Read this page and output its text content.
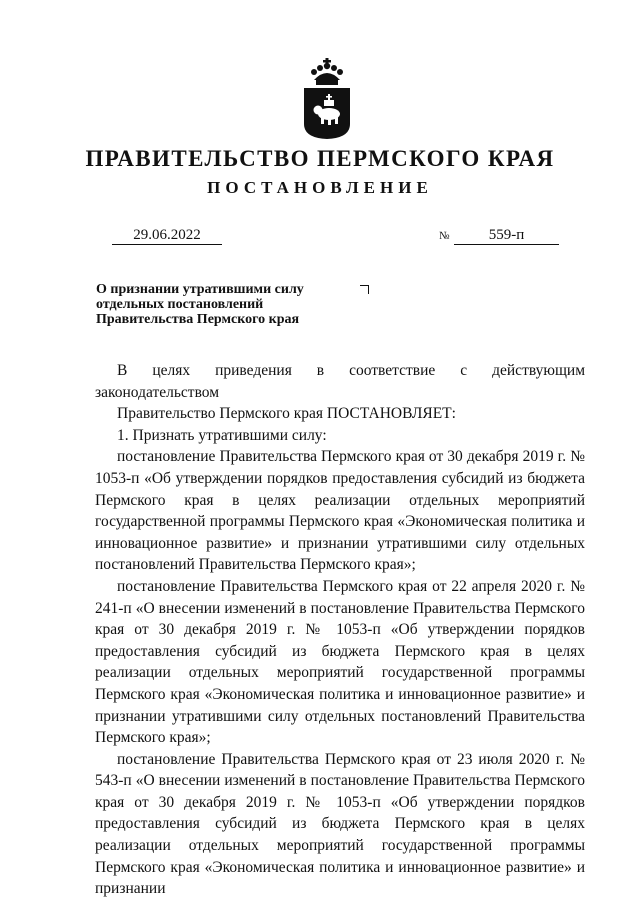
ПРАВИТЕЛЬСТВО ПЕРМСКОГО КРАЯ
ПОСТАНОВЛЕНИЕ
29.06.2022	№	559-п
О признании утратившими силу
отдельных постановлений
Правительства Пермского края

В целях приведения в соответствие с действующим

законодательством

Правительство Пермского края ПОСТАНОВЛЯЕТ:

1. Признать утратившими силу:

постановление Правительства Пермского края от 30 декабря 2019 г. № 1053-п «Об утверждении порядков предоставления субсидий из бюджета Пермского края в целях реализации отдельных мероприятий государственной программы Пермского края «Экономическая политика и инновационное развитие» и признании утратившими силу отдельных постановлений Правительства Пермского края»;

постановление Правительства Пермского края от 22 апреля 2020 г. № 241-п «О внесении изменений в постановление Правительства Пермского края от 30 декабря 2019 г. № 1053-п «Об утверждении порядков предоставления субсидий из бюджета Пермского края в целях реализации отдельных мероприятий государственной программы Пермского края «Экономическая политика и инновационное развитие» и признании утратившими силу отдельных постановлений Правительства Пермского края»;

постановление Правительства Пермского края от 23 июля 2020 г. № 543-п «О внесении изменений в постановление Правительства Пермского края от 30 декабря 2019 г. № 1053-п «Об утверждении порядков предоставления субсидий из бюджета Пермского края в целях реализации отдельных мероприятий государственной программы Пермского края «Экономическая политика и инновационное развитие» и признании
